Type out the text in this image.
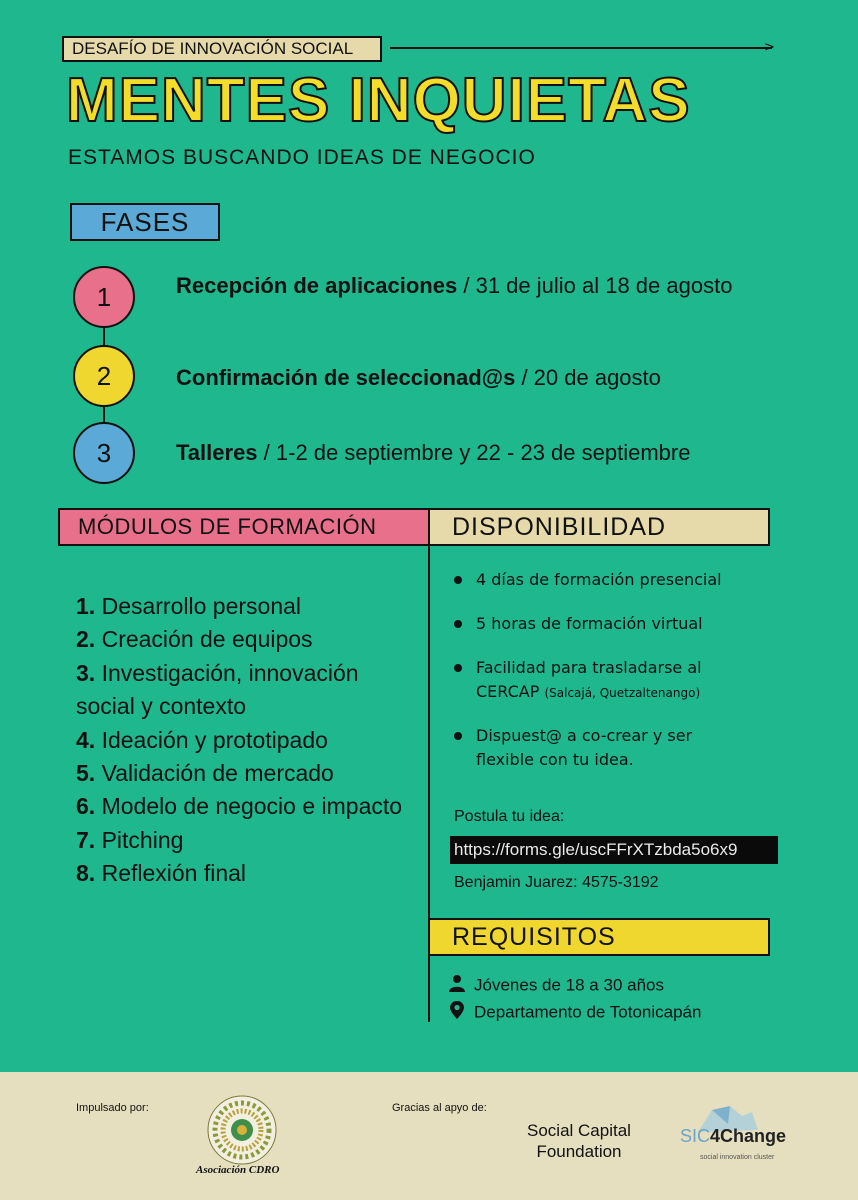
DESAFÍO DE INNOVACIÓN SOCIAL	>
MENTES INQUIETAS
ESTAMOS BUSCANDO IDEAS DE NEGOCIO
FASES
1
2
3
Recepción de aplicaciones / 31 de julio al 18 de agosto
Confirmación de seleccionad@s / 20 de agosto
Talleres / 1-2 de septiembre y 22 - 23 de septiembre
MÓDULOS DE FORMACIÓN	DISPONIBILIDAD
1. Desarrollo personal
2. Creación de equipos
3. Investigación, innovación social y contexto
4. Ideación y prototipado
5. Validación de mercado
6. Modelo de negocio e impacto
7. Pitching
8. Reflexión final
4 días de formación presencial
5 horas de formación virtual
Facilidad para trasladarse al CERCAP (Salcajá, Quetzaltenango)
Dispuest@ a co-crear y ser flexible con tu idea.
Postula tu idea:
https://forms.gle/uscFFrXTzbda5o6x9
Benjamin Juarez: 4575-3192
REQUISITOS
Jóvenes de 18 a 30 años
Departamento de Totonicapán
Impulsado por:	Gracias al apyo de:
Asociación CDRO
Social Capital
Foundation
SIC4Change
social innovation cluster
